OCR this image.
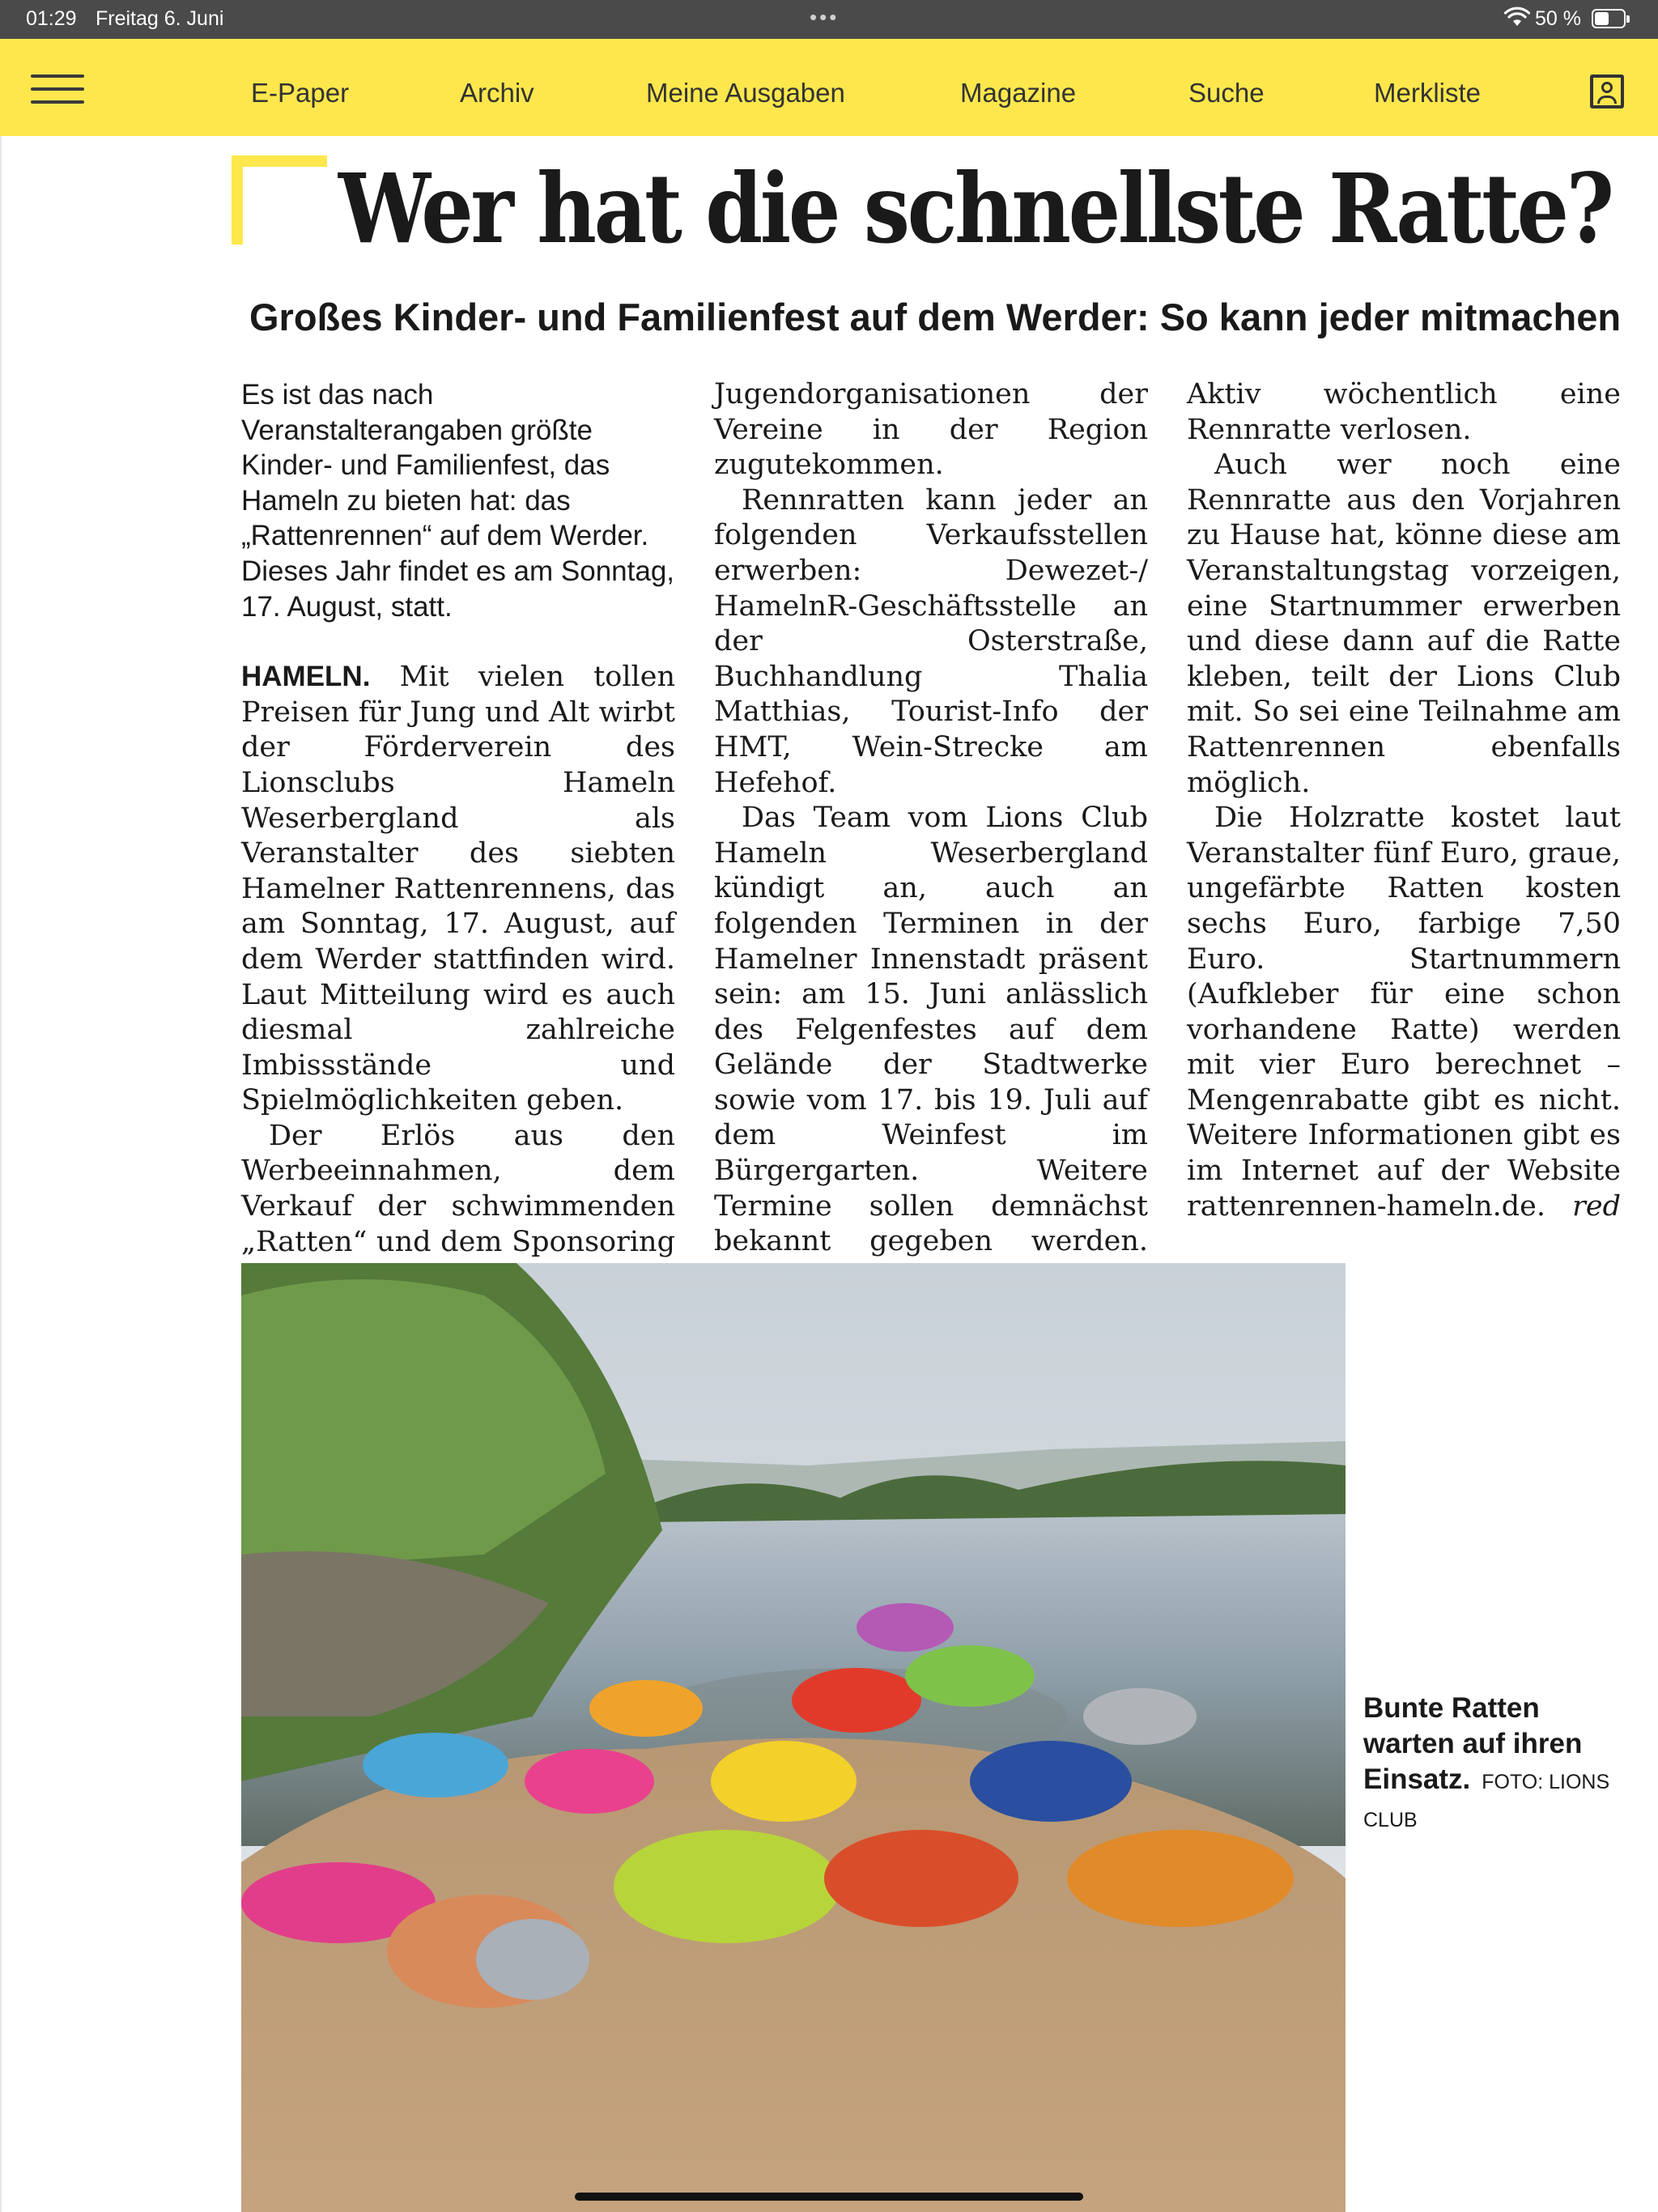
01:29 Freitag 6. Juni	•••	50 %
E-Paper	Archiv	Meine Ausgaben	Magazine	Suche	Merkliste
Wer hat die schnellste Ratte?
Großes Kinder- und Familienfest auf dem Werder: So kann jeder mitmachen
Es ist das nach Veranstalterangaben größte Kinder- und Familienfest, das Hameln zu bieten hat: das „Rattenrennen“ auf dem Werder. Dieses Jahr findet es am Sonntag, 17. August, statt.

HAMELN. Mit vielen tollen Preisen für Jung und Alt wirbt der Förderverein des Lionsclubs Hameln Weserbergland als Veranstalter des siebten Hamelner Rattenrennens, das am Sonntag, 17. August, auf dem Werder stattfinden wird. Laut Mitteilung wird es auch diesmal zahlreiche Imbissstände und Spielmöglichkeiten geben.

Der Erlös aus den Werbeeinnahmen, dem Verkauf der schwimmenden „Ratten“ und dem Sponsoring

Jugendorganisationen der Vereine in der Region zugutekommen.

Rennratten kann jeder an folgenden Verkaufsstellen erwerben: Dewezet-/ HamelnR-Geschäftsstelle an der Osterstraße, Buchhandlung Thalia Matthias, Tourist-Info der HMT, Wein-Strecke am Hefehof.

Das Team vom Lions Club Hameln Weserbergland kündigt an, auch an folgenden Terminen in der Hamelner Innenstadt präsent sein: am 15. Juni anlässlich des Felgenfestes auf dem Gelände der Stadtwerke sowie vom 17. bis 19. Juli auf dem Weinfest im Bürgergarten. Weitere Termine sollen demnächst bekannt gegeben werden.

Aktiv wöchentlich eine Rennratte verlosen.

Auch wer noch eine Rennratte aus den Vorjahren zu Hause hat, könne diese am Veranstaltungstag vorzeigen, eine Startnummer erwerben und diese dann auf die Ratte kleben, teilt der Lions Club mit. So sei eine Teilnahme am Rattenrennen ebenfalls möglich.

Die Holzratte kostet laut Veranstalter fünf Euro, graue, ungefärbte Ratten kosten sechs Euro, farbige 7,50 Euro. Startnummern (Aufkleber für eine schon vorhandene Ratte) werden mit vier Euro berechnet – Mengenrabatte gibt es nicht. Weitere Informationen gibt es im Internet auf der Website rattenrennen-hameln.de. red
Bunte Ratten warten auf ihren Einsatz. FOTO: LIONS CLUB
